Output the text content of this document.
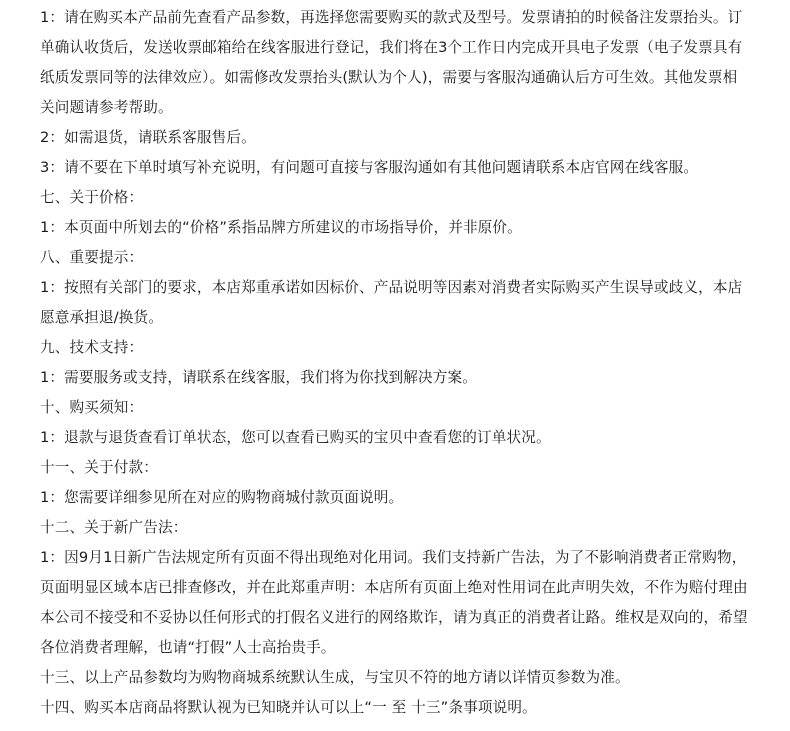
1：请在购买本产品前先查看产品参数，再选择您需要购买的款式及型号。发票请拍的时候备注发票抬头。订
单确认收货后，发送收票邮箱给在线客服进行登记，我们将在3个工作日内完成开具电子发票（电子发票具有
纸质发票同等的法律效应）。如需修改发票抬头(默认为个人)，需要与客服沟通确认后方可生效。其他发票相
关问题请参考帮助。
2：如需退货，请联系客服售后。
3：请不要在下单时填写补充说明，有问题可直接与客服沟通如有其他问题请联系本店官网在线客服。
七、关于价格：
1：本页面中所划去的“价格”系指品牌方所建议的市场指导价，并非原价。
八、重要提示：
1：按照有关部门的要求，本店郑重承诺如因标价、产品说明等因素对消费者实际购买产生误导或歧义，本店
愿意承担退/换货。
九、技术支持：
1：需要服务或支持，请联系在线客服，我们将为你找到解决方案。
十、购买须知：
1：退款与退货查看订单状态，您可以查看已购买的宝贝中查看您的订单状况。
十一、关于付款：
1：您需要详细参见所在对应的购物商城付款页面说明。
十二、关于新广告法：
1：因9月1日新广告法规定所有页面不得出现绝对化用词。我们支持新广告法，为了不影响消费者正常购物，
页面明显区域本店已排查修改，并在此郑重声明：本店所有页面上绝对性用词在此声明失效，不作为赔付理由
本公司不接受和不妥协以任何形式的打假名义进行的网络欺诈，请为真正的消费者让路。维权是双向的，希望
各位消费者理解，也请“打假”人士高抬贵手。
十三、以上产品参数均为购物商城系统默认生成，与宝贝不符的地方请以详情页参数为准。
十四、购买本店商品将默认视为已知晓并认可以上“一 至 十三”条事项说明。
